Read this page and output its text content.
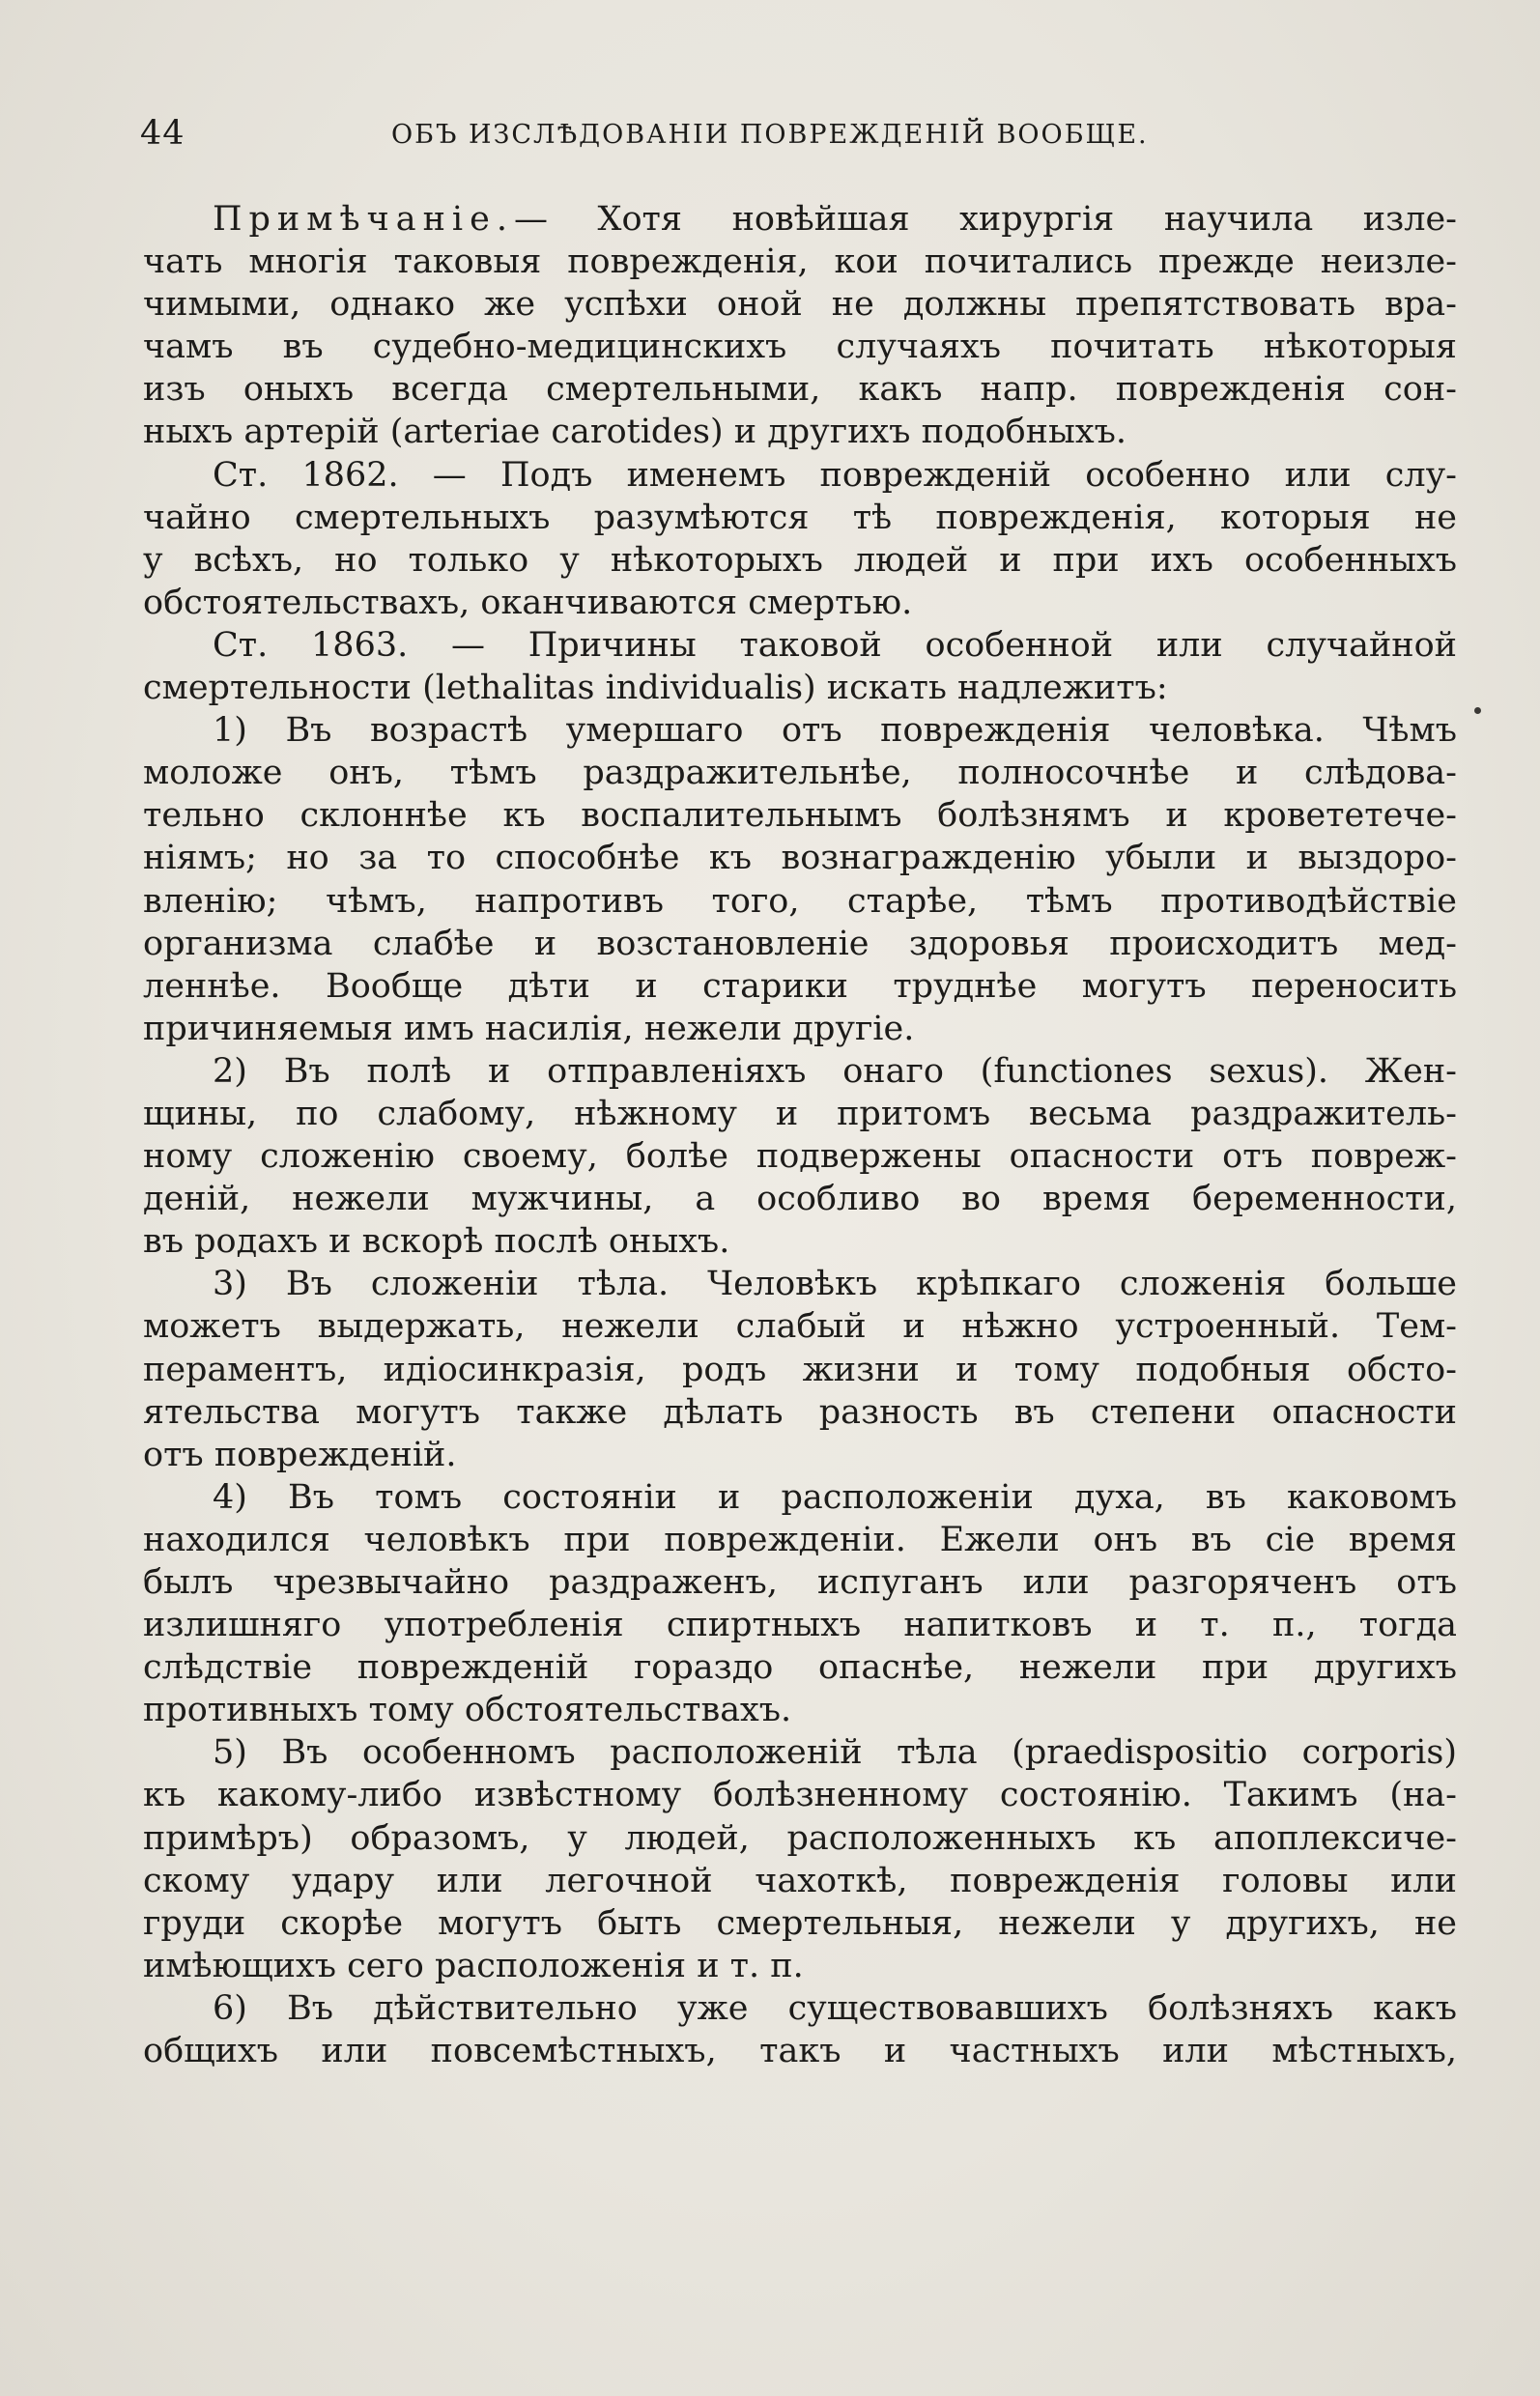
44	ОБЪ ИЗСЛѢДОВАНІИ ПОВРЕЖДЕНІЙ ВООБЩЕ.
Примѣчаніе.— Хотя новѣйшая хирургія научила излe-
чать многія таковыя повреждeнія, кои почитались прежде неизле-
чимыми, однако же успѣхи оной не должны препятствовать вра-
чамъ въ судебно-медицинскихъ случаяхъ почитать нѣкоторыя
изъ оныхъ всегда смертельными, какъ напр. поврежденія сон-
ныхъ артерій (arteriae carotides) и другихъ подобныхъ.
Ст. 1862. — Подъ именемъ повреждeній особенно или слу-
чайно смертельныхъ разумѣются тѣ повреждeнія, которыя не
у всѣхъ, но только у нѣкоторыхъ людей и при ихъ особенныхъ
обстоятельствахъ, оканчиваются смертью.
Ст. 1863. — Причины таковой особенной или случайной
смертельности (lethalitas individualis) искать надлежитъ:
1) Въ возрастѣ умершаго отъ поврежденія человѣка. Чѣмъ
моложе онъ, тѣмъ раздражительнѣе, полносочнѣе и слѣдова-
тельно склоннѣе къ воспалительнымъ болѣзнямъ и кровететече-
ніямъ; но за то способнѣе къ вознагражденію убыли и выздоро-
вленію; чѣмъ, напротивъ того, старѣе, тѣмъ противодѣйствіе
организма слабѣе и возстановленіе здоровья происходитъ мед-
леннѣе. Вообще дѣти и старики труднѣе могутъ переносить
причиняемыя имъ насилія, нежели другіе.
2) Въ полѣ и отправленіяхъ онаго (functiones sexus). Жен-
щины, по слабому, нѣжному и притомъ весьма раздражитель-
ному сложенію своему, болѣе подвержены опасности отъ поврeж-
деній, нежели мужчины, а особливо во время беременности,
въ родахъ и вскорѣ послѣ оныхъ.
3) Въ сложеніи тѣла. Человѣкъ крѣпкаго сложенія больше
можетъ выдержать, нежели слабый и нѣжно устроенный. Тем-
пераментъ, идіосинкразія, родъ жизни и тому подобныя обсто-
ятельства могутъ также дѣлать разность въ степени опасности
отъ поврeжденій.
4) Въ томъ состояніи и расположеніи духа, въ каковомъ
находился человѣкъ при повреждeніи. Ежели онъ въ сіе время
былъ чрезвычайно раздраженъ, испуганъ или разгоряченъ отъ
излишняго употребленія спиртныхъ напитковъ и т. п., тогда
слѣдствіе повреждeній гораздо опаснѣе, нежели при другихъ
противныхъ тому обстоятельствахъ.
5) Въ особенномъ расположеній тѣла (praedispositio corporis)
къ какому-либо извѣстному болѣзненному состоянію. Такимъ (на-
примѣръ) образомъ, у людей, расположенныхъ къ апоплексиче-
скому удару или легочной чахоткѣ, повреждeнія головы или
груди скорѣе могутъ быть смертельныя, нежели у другихъ, не
имѣющихъ сего расположенія и т. п.
6) Въ дѣйствительно уже существовавшихъ болѣзняхъ какъ
общихъ или повсемѣстныхъ, такъ и частныхъ или мѣстныхъ,
